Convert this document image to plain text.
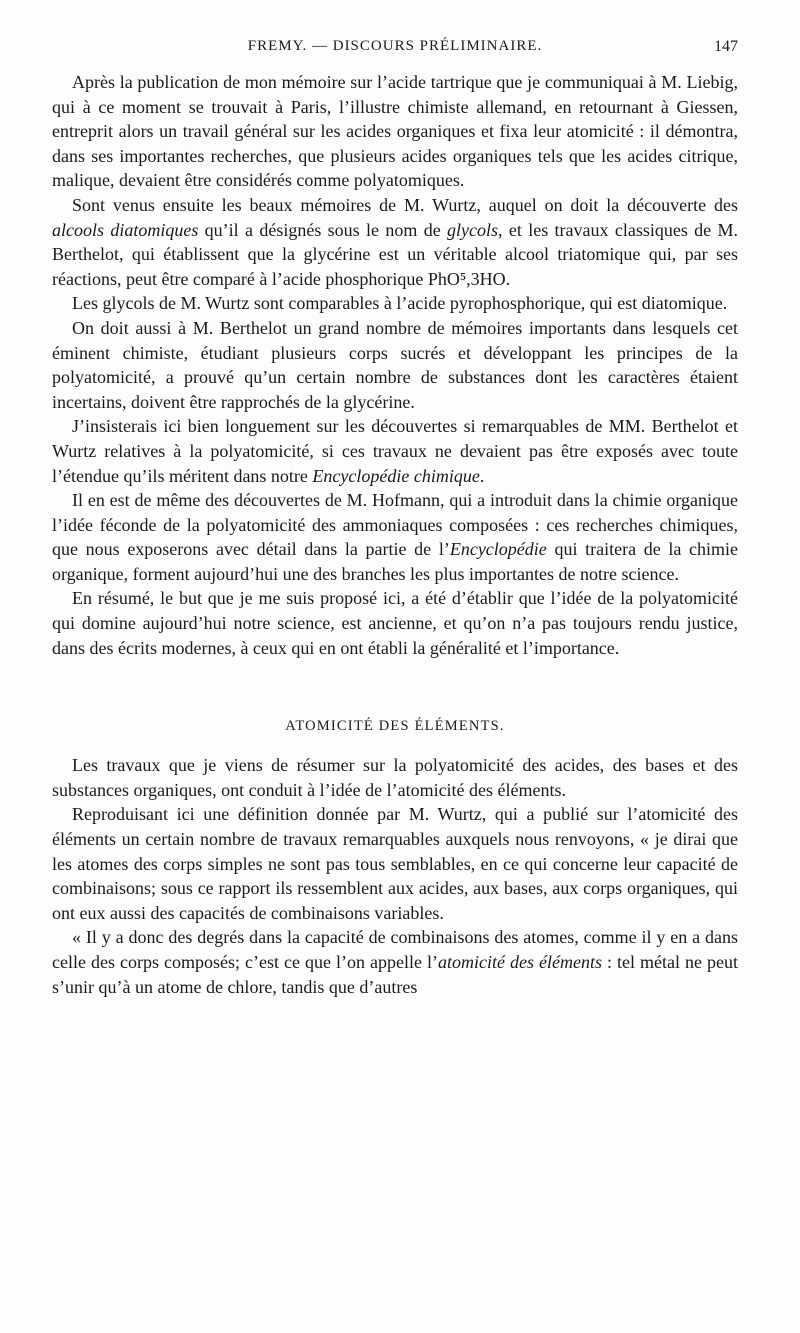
FREMY. — DISCOURS PRÉLIMINAIRE.	147

Après la publication de mon mémoire sur l’acide tartrique que je communiquai à M. Liebig, qui à ce moment se trouvait à Paris, l’illustre chimiste allemand, en retournant à Giessen, entreprit alors un travail général sur les acides organiques et fixa leur atomicité : il démontra, dans ses importantes recherches, que plusieurs acides organiques tels que les acides citrique, malique, devaient être considérés comme polyatomiques.

Sont venus ensuite les beaux mémoires de M. Wurtz, auquel on doit la découverte des alcools diatomiques qu’il a désignés sous le nom de glycols, et les travaux classiques de M. Berthelot, qui établissent que la glycérine est un véritable alcool triatomique qui, par ses réactions, peut être comparé à l’acide phosphorique PhO⁵,3HO.

Les glycols de M. Wurtz sont comparables à l’acide pyrophosphorique, qui est diatomique.

On doit aussi à M. Berthelot un grand nombre de mémoires importants dans lesquels cet éminent chimiste, étudiant plusieurs corps sucrés et développant les principes de la polyatomicité, a prouvé qu’un certain nombre de substances dont les caractères étaient incertains, doivent être rapprochés de la glycérine.

J’insisterais ici bien longuement sur les découvertes si remarquables de MM. Berthelot et Wurtz relatives à la polyatomicité, si ces travaux ne devaient pas être exposés avec toute l’étendue qu’ils méritent dans notre Encyclopédie chimique.

Il en est de même des découvertes de M. Hofmann, qui a introduit dans la chimie organique l’idée féconde de la polyatomicité des ammoniaques composées : ces recherches chimiques, que nous exposerons avec détail dans la partie de l’Encyclopédie qui traitera de la chimie organique, forment aujourd’hui une des branches les plus importantes de notre science.

En résumé, le but que je me suis proposé ici, a été d’établir que l’idée de la polyatomicité qui domine aujourd’hui notre science, est ancienne, et qu’on n’a pas toujours rendu justice, dans des écrits modernes, à ceux qui en ont établi la généralité et l’importance.

ATOMICITÉ DES ÉLÉMENTS.

Les travaux que je viens de résumer sur la polyatomicité des acides, des bases et des substances organiques, ont conduit à l’idée de l’atomicité des éléments.

Reproduisant ici une définition donnée par M. Wurtz, qui a publié sur l’atomicité des éléments un certain nombre de travaux remarquables auxquels nous renvoyons, « je dirai que les atomes des corps simples ne sont pas tous semblables, en ce qui concerne leur capacité de combinaisons; sous ce rapport ils ressemblent aux acides, aux bases, aux corps organiques, qui ont eux aussi des capacités de combinaisons variables.

« Il y a donc des degrés dans la capacité de combinaisons des atomes, comme il y en a dans celle des corps composés; c’est ce que l’on appelle l’atomicité des éléments : tel métal ne peut s’unir qu’à un atome de chlore, tandis que d’autres
